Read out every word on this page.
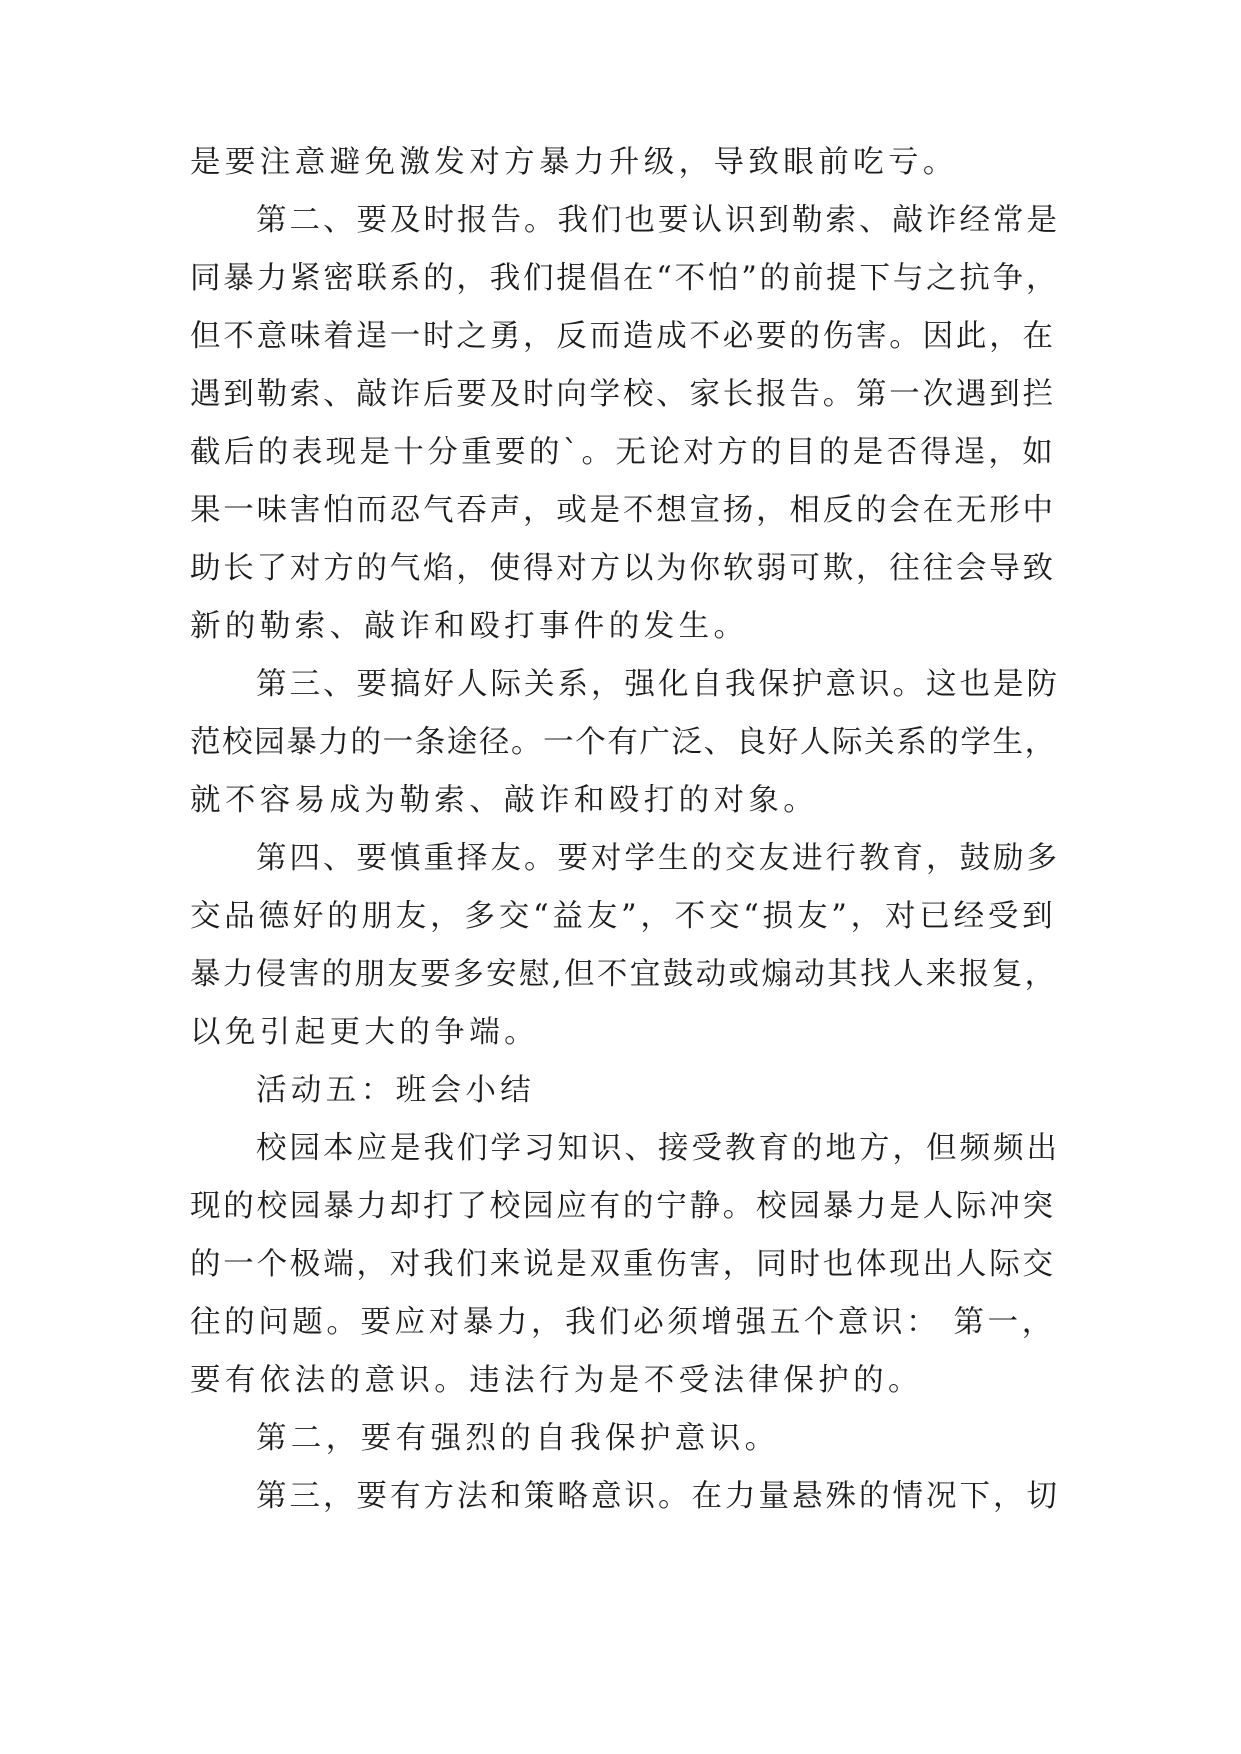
是要注意避免激发对方暴力升级，导致眼前吃亏。
第二、要及时报告。我们也要认识到勒索、敲诈经常是
同暴力紧密联系的，我们提倡在“不怕”的前提下与之抗争，
但不意味着逞一时之勇，反而造成不必要的伤害。因此，在
遇到勒索、敲诈后要及时向学校、家长报告。第一次遇到拦
截后的表现是十分重要的`。无论对方的目的是否得逞，如
果一味害怕而忍气吞声，或是不想宣扬，相反的会在无形中
助长了对方的气焰，使得对方以为你软弱可欺，往往会导致
新的勒索、敲诈和殴打事件的发生。
第三、要搞好人际关系，强化自我保护意识。这也是防
范校园暴力的一条途径。一个有广泛、良好人际关系的学生，
就不容易成为勒索、敲诈和殴打的对象。
第四、要慎重择友。要对学生的交友进行教育，鼓励多
交品德好的朋友，多交“益友”，不交“损友”，对已经受到
暴力侵害的朋友要多安慰,但不宜鼓动或煽动其找人来报复，
以免引起更大的争端。
活动五：班会小结
校园本应是我们学习知识、接受教育的地方，但频频出
现的校园暴力却打了校园应有的宁静。校园暴力是人际冲突
的一个极端，对我们来说是双重伤害，同时也体现出人际交
往的问题。要应对暴力，我们必须增强五个意识： 第一，
要有依法的意识。违法行为是不受法律保护的。
第二，要有强烈的自我保护意识。
第三，要有方法和策略意识。在力量悬殊的情况下，切
